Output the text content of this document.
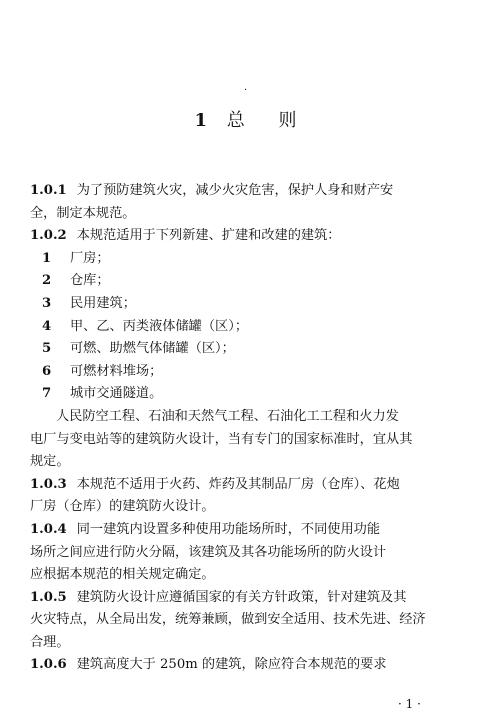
·
1 总 则
1.0.1 为了预防建筑火灾，减少火灾危害，保护人身和财产安
全，制定本规范。
1.0.2 本规范适用于下列新建、扩建和改建的建筑：
1 厂房；
2 仓库；
3 民用建筑；
4 甲、乙、丙类液体储罐（区）；
5 可燃、助燃气体储罐（区）；
6 可燃材料堆场；
7 城市交通隧道。
人民防空工程、石油和天然气工程、石油化工工程和火力发
电厂与变电站等的建筑防火设计，当有专门的国家标准时，宜从其
规定。
1.0.3 本规范不适用于火药、炸药及其制品厂房（仓库）、花炮
厂房（仓库）的建筑防火设计。
1.0.4 同一建筑内设置多种使用功能场所时，不同使用功能
场所之间应进行防火分隔，该建筑及其各功能场所的防火设计
应根据本规范的相关规定确定。
1.0.5 建筑防火设计应遵循国家的有关方针政策，针对建筑及其
火灾特点，从全局出发，统筹兼顾，做到安全适用、技术先进、经济
合理。
1.0.6 建筑高度大于 250m 的建筑，除应符合本规范的要求
· 1 ·
